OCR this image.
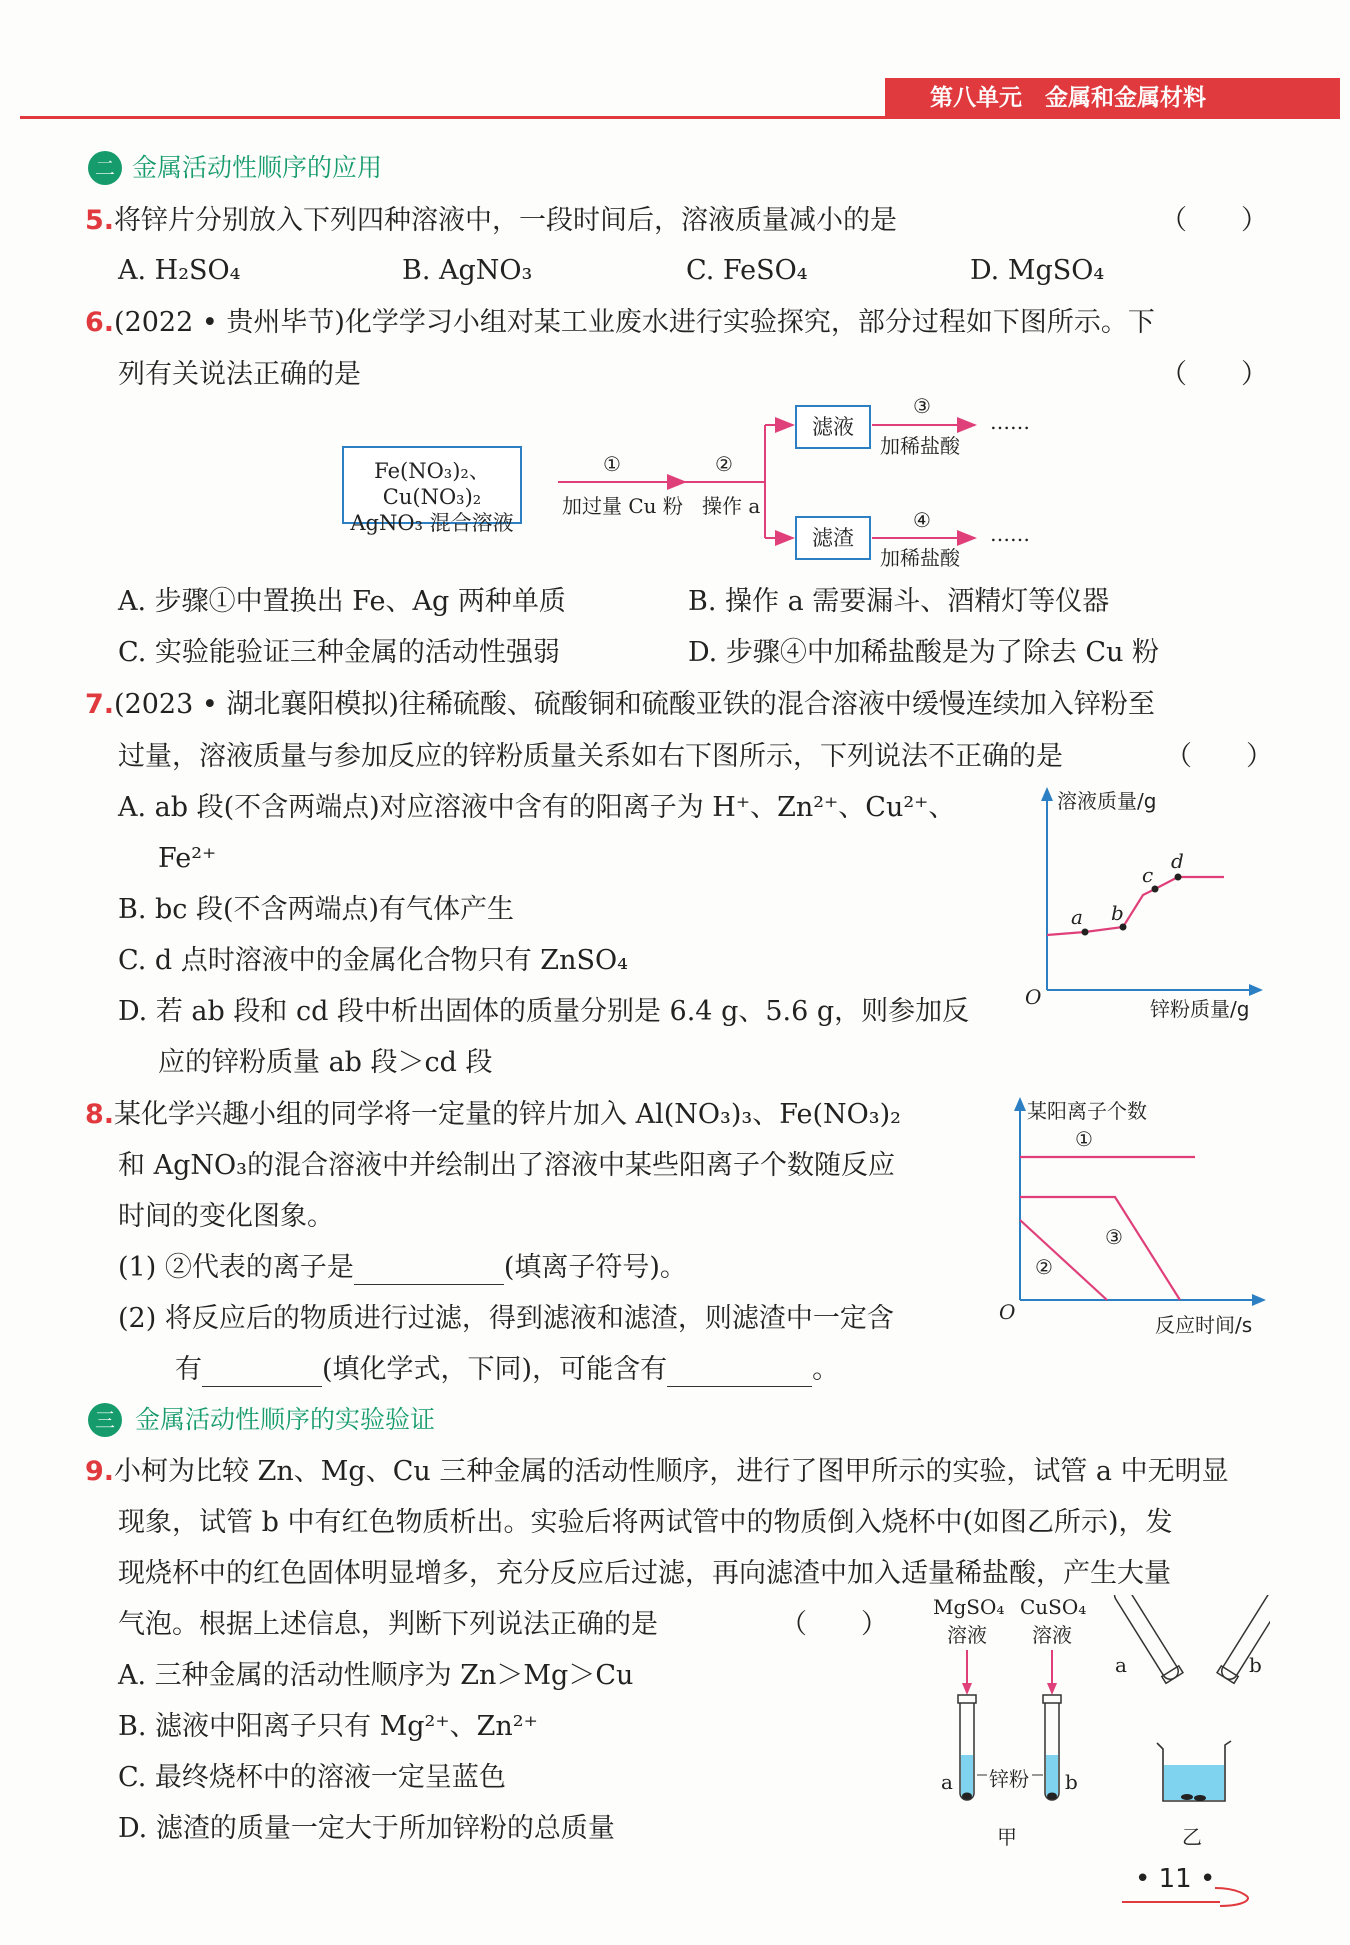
第八单元　金属和金属材料
二 金属活动性顺序的应用
5.将锌片分别放入下列四种溶液中，一段时间后，溶液质量减小的是	（　　）
A. H₂SO₄	B. AgNO₃	C. FeSO₄	D. MgSO₄
6.(2022 • 贵州毕节)化学学习小组对某工业废水进行实验探究，部分过程如下图所示。下
列有关说法正确的是	（　　）
Fe(NO₃)₂、Cu(NO₃)₂
AgNO₃ 混合溶液
①
加过量 Cu 粉
②
操作 a
滤液
滤渣
③
加稀盐酸
……
④
加稀盐酸
……
A. 步骤①中置换出 Fe、Ag 两种单质	B. 操作 a 需要漏斗、酒精灯等仪器
C. 实验能验证三种金属的活动性强弱	D. 步骤④中加稀盐酸是为了除去 Cu 粉
7.(2023 • 湖北襄阳模拟)往稀硫酸、硫酸铜和硫酸亚铁的混合溶液中缓慢连续加入锌粉至
过量，溶液质量与参加反应的锌粉质量关系如右下图所示，下列说法不正确的是	（　　）
A. ab 段(不含两端点)对应溶液中含有的阳离子为 H⁺、Zn²⁺、Cu²⁺、
Fe²⁺
B. bc 段(不含两端点)有气体产生
C. d 点时溶液中的金属化合物只有 ZnSO₄
D. 若 ab 段和 cd 段中析出固体的质量分别是 6.4 g、5.6 g，则参加反
应的锌粉质量 ab 段＞cd 段
溶液质量/g
锌粉质量/g
O
a b
c
d
8.某化学兴趣小组的同学将一定量的锌片加入 Al(NO₃)₃、Fe(NO₃)₂
和 AgNO₃的混合溶液中并绘制出了溶液中某些阳离子个数随反应
时间的变化图象。
(1) ②代表的离子是	(填离子符号)。
(2) 将反应后的物质进行过滤，得到滤液和滤渣，则滤渣中一定含
有	(填化学式，下同)，可能含有	。
某阳离子个数
反应时间/s
O
①
②
③
三 金属活动性顺序的实验验证
9.小柯为比较 Zn、Mg、Cu 三种金属的活动性顺序，进行了图甲所示的实验，试管 a 中无明显
现象，试管 b 中有红色物质析出。实验后将两试管中的物质倒入烧杯中(如图乙所示)，发
现烧杯中的红色固体明显增多，充分反应后过滤，再向滤渣中加入适量稀盐酸，产生大量
气泡。根据上述信息，判断下列说法正确的是	（　　）
A. 三种金属的活动性顺序为 Zn＞Mg＞Cu
B. 滤液中阳离子只有 Mg²⁺、Zn²⁺
C. 最终烧杯中的溶液一定呈蓝色
D. 滤渣的质量一定大于所加锌粉的总质量
MgSO₄
溶液
CuSO₄
溶液
a 锌粉 b
a	b
甲	乙
• 11 •
